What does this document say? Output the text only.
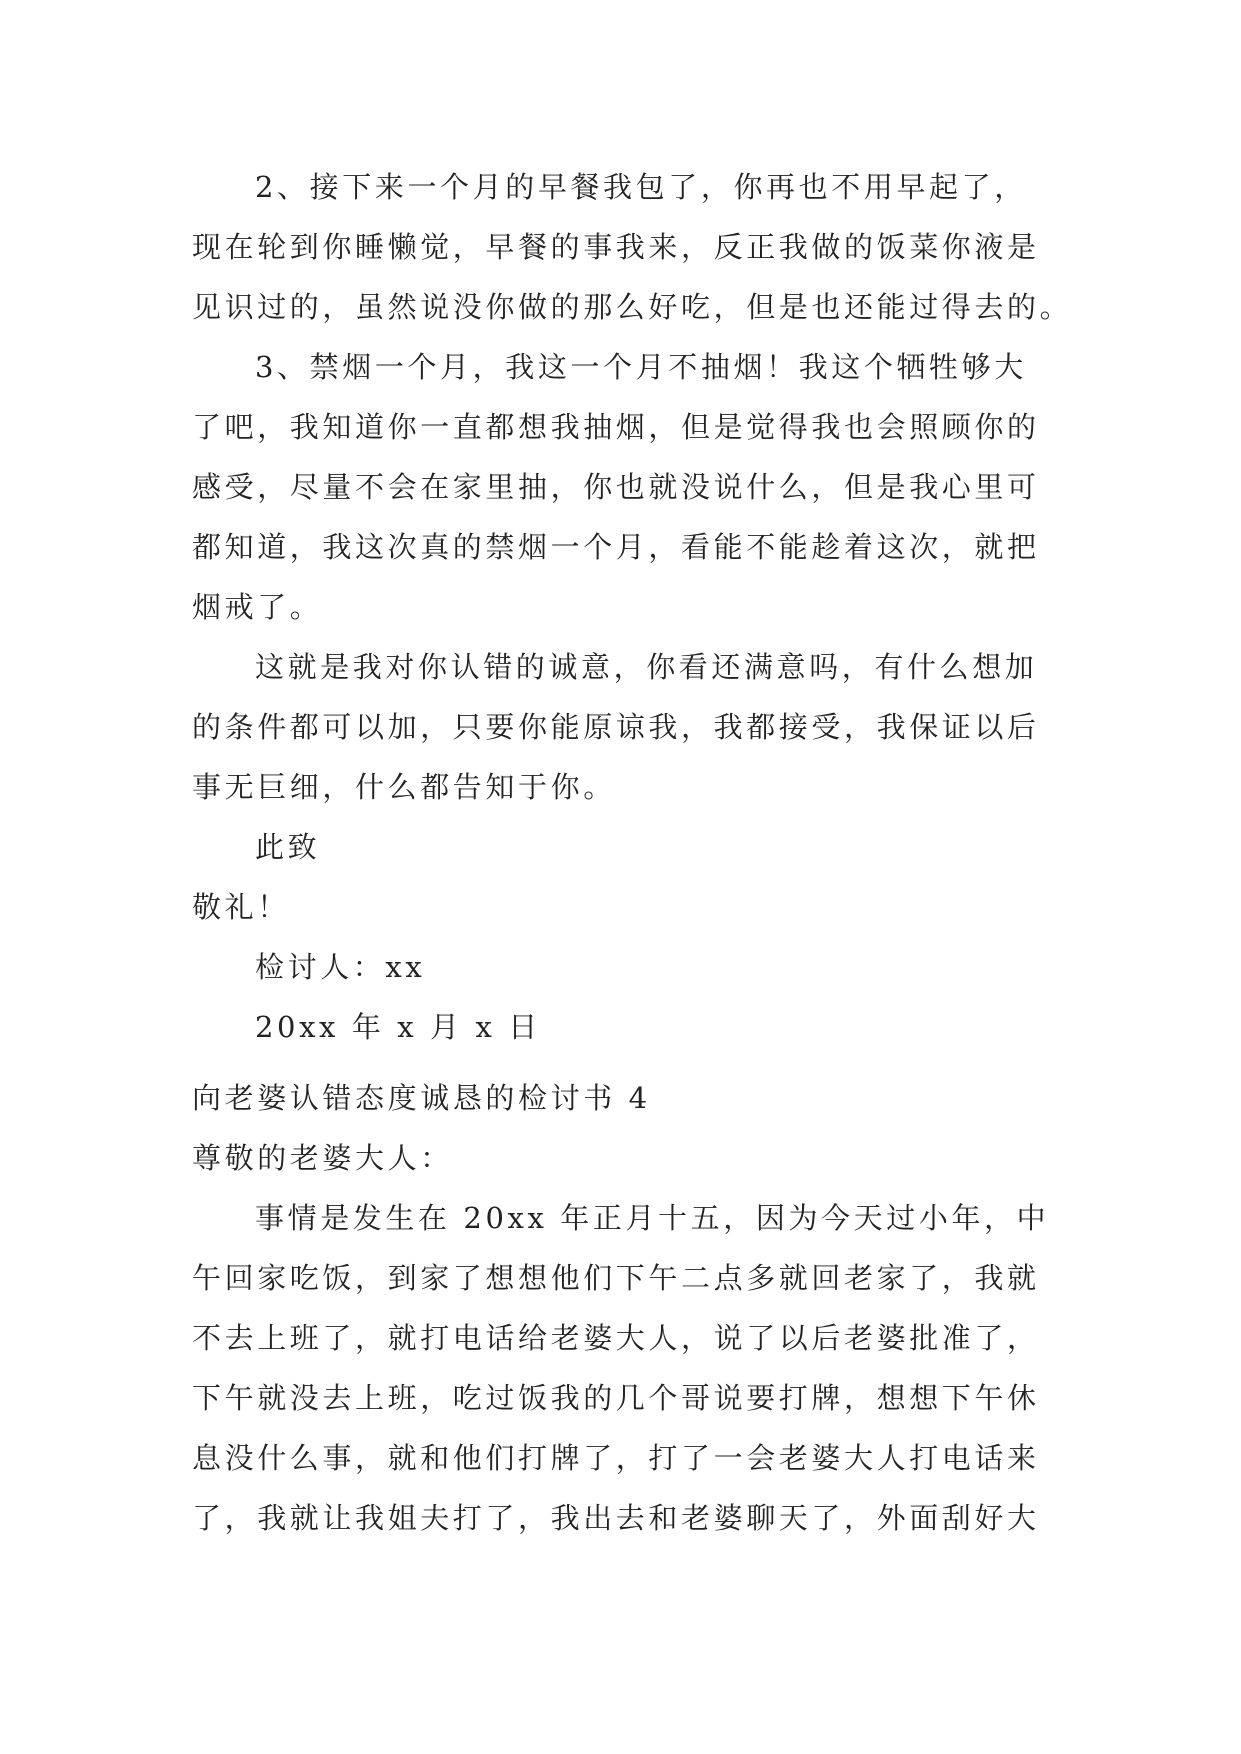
2、接下来一个月的早餐我包了，你再也不用早起了，
现在轮到你睡懒觉，早餐的事我来，反正我做的饭菜你液是
见识过的，虽然说没你做的那么好吃，但是也还能过得去的。
3、禁烟一个月，我这一个月不抽烟！我这个牺牲够大
了吧，我知道你一直都想我抽烟，但是觉得我也会照顾你的
感受，尽量不会在家里抽，你也就没说什么，但是我心里可
都知道，我这次真的禁烟一个月，看能不能趁着这次，就把
烟戒了。
这就是我对你认错的诚意，你看还满意吗，有什么想加
的条件都可以加，只要你能原谅我，我都接受，我保证以后
事无巨细，什么都告知于你。
此致
敬礼！
检讨人：xx
20xx 年 x 月 x 日
向老婆认错态度诚恳的检讨书 4
尊敬的老婆大人：
事情是发生在 20xx 年正月十五，因为今天过小年，中
午回家吃饭，到家了想想他们下午二点多就回老家了，我就
不去上班了，就打电话给老婆大人，说了以后老婆批准了，
下午就没去上班，吃过饭我的几个哥说要打牌，想想下午休
息没什么事，就和他们打牌了，打了一会老婆大人打电话来
了，我就让我姐夫打了，我出去和老婆聊天了，外面刮好大
